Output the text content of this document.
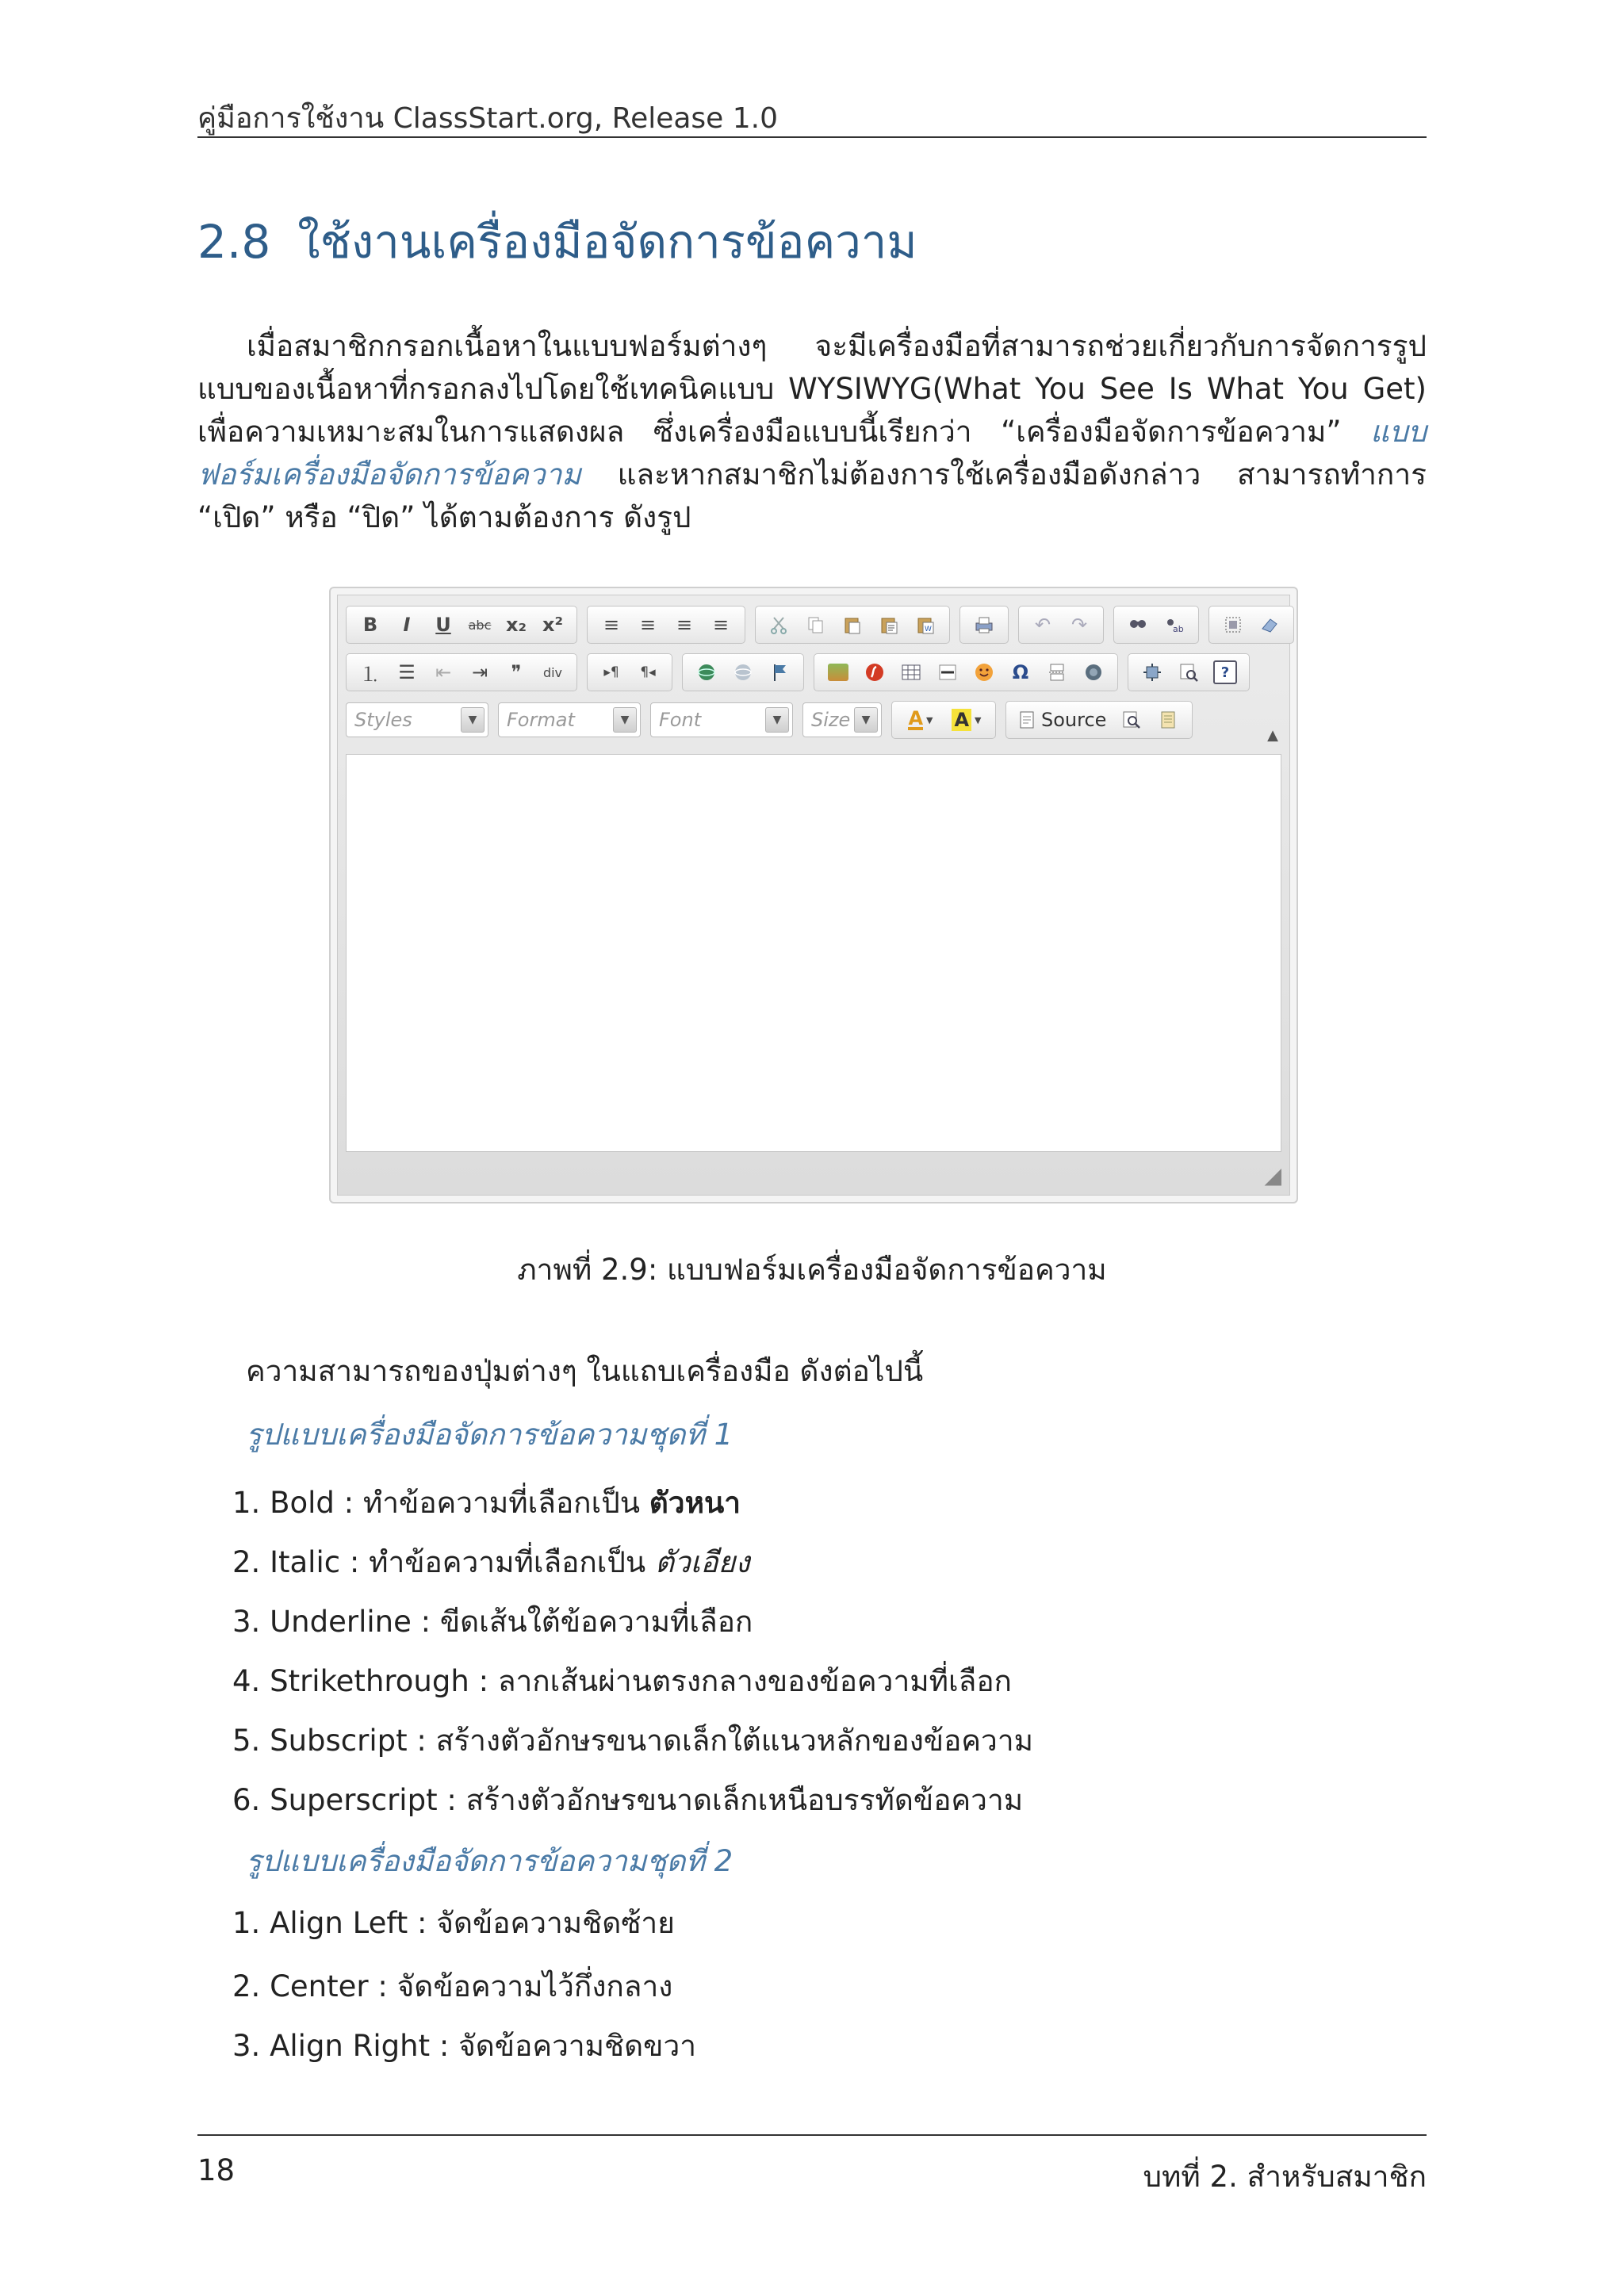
คู่มือการใช้งาน ClassStart.org, Release 1.0
2.8 ใช้งานเครื่องมือจัดการข้อความ
เมื่อสมาชิกกรอกเนื้อหาในแบบฟอร์มต่างๆ จะมีเครื่องมือที่สามารถช่วยเกี่ยวกับการจัดการรูปแบบของเนื้อหาที่กรอกลงไปโดยใช้เทคนิคแบบ WYSIWYG(What You See Is What You Get) เพื่อความเหมาะสมในการแสดงผล ซึ่งเครื่องมือแบบนี้เรียกว่า “เครื่องมือจัดการข้อความ” แบบฟอร์มเครื่องมือจัดการข้อความ และหากสมาชิกไม่ต้องการใช้เครื่องมือดังกล่าว สามารถทำการ “เปิด” หรือ “ปิด” ได้ตามต้องการ ดังรูป
B	I	U	abc x₂ x²	≡	≡	≡	≡	W	↶	↷	ab
⒈ ☰	⇤	⇥	❞	div	▸¶	¶◂	Ω	?
Styles	▼	Format	▼	Font	▼	Size	▼	A ▼ A ▼	Source
▲
◢
ภาพที่ 2.9: แบบฟอร์มเครื่องมือจัดการข้อความ
ความสามารถของปุ่มต่างๆ ในแถบเครื่องมือ ดังต่อไปนี้
รูปแบบเครื่องมือจัดการข้อความชุดที่ 1
1. Bold : ทำข้อความที่เลือกเป็น ตัวหนา
2. Italic : ทำข้อความที่เลือกเป็น ตัวเอียง
3. Underline : ขีดเส้นใต้ข้อความที่เลือก
4. Strikethrough : ลากเส้นผ่านตรงกลางของข้อความที่เลือก
5. Subscript : สร้างตัวอักษรขนาดเล็กใต้แนวหลักของข้อความ
6. Superscript : สร้างตัวอักษรขนาดเล็กเหนือบรรทัดข้อความ
รูปแบบเครื่องมือจัดการข้อความชุดที่ 2
1. Align Left : จัดข้อความชิดซ้าย
2. Center : จัดข้อความไว้กึ่งกลาง
3. Align Right : จัดข้อความชิดขวา
18	บทที่ 2. สำหรับสมาชิก
